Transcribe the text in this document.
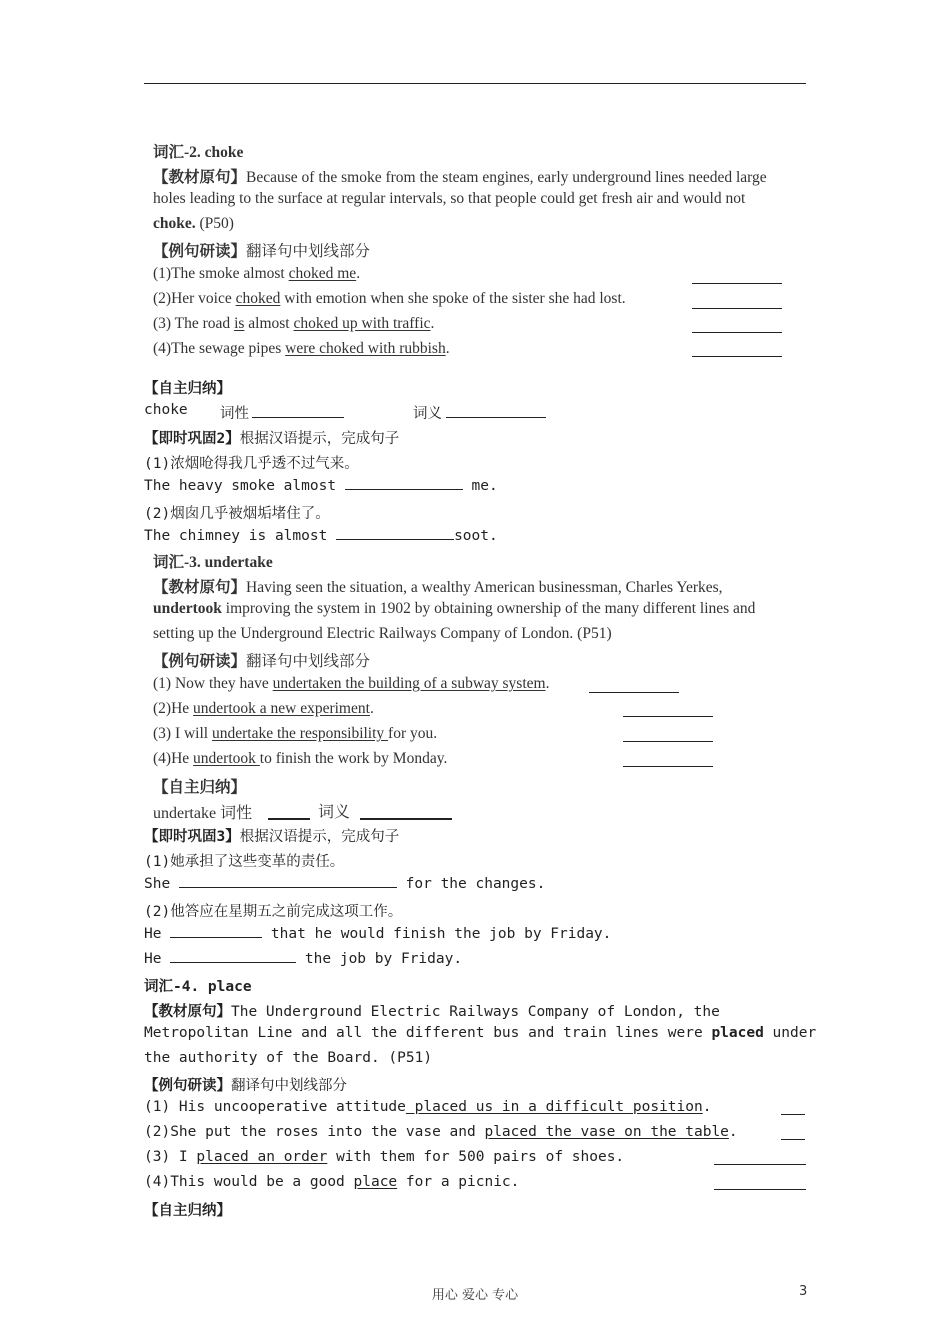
词汇-2. choke
【教材原句】Because of the smoke from the steam engines, early underground lines needed large
holes leading to the surface at regular intervals, so that people could get fresh air and would not
choke. (P50)
【例句研读】翻译句中划线部分
(1)The smoke almost choked me.
(2)Her voice choked with emotion when she spoke of the sister she had lost.
(3) The road is almost choked up with traffic.
(4)The sewage pipes were choked with rubbish.
【自主归纳】
choke 词性	词义
【即时巩固2】根据汉语提示，完成句子
(1)浓烟呛得我几乎透不过气来。
The heavy smoke almost	me.
(2)烟囱几乎被烟垢堵住了。
The chimney is almost	soot.
词汇-3. undertake
【教材原句】Having seen the situation, a wealthy American businessman, Charles Yerkes,
undertook improving the system in 1902 by obtaining ownership of the many different lines and
setting up the Underground Electric Railways Company of London. (P51)
【例句研读】翻译句中划线部分
(1) Now they have undertaken the building of a subway system.
(2)He undertook a new experiment.
(3) I will undertake the responsibility for you.
(4)He undertook to finish the work by Monday.
【自主归纳】
undertake 词性	词义
【即时巩固3】根据汉语提示，完成句子
(1)她承担了这些变革的责任。
She	for the changes.
(2)他答应在星期五之前完成这项工作。
He	that he would finish the job by Friday.
He	the job by Friday.
词汇-4. place
【教材原句】The Underground Electric Railways Company of London, the
Metropolitan Line and all the different bus and train lines were placed under
the authority of the Board. (P51)
【例句研读】翻译句中划线部分
(1) His uncooperative attitude placed us in a difficult position.
(2)She put the roses into the vase and placed the vase on the table.
(3) I placed an order with them for 500 pairs of shoes.
(4)This would be a good place for a picnic.
【自主归纳】
用心 爱心 专心	3
